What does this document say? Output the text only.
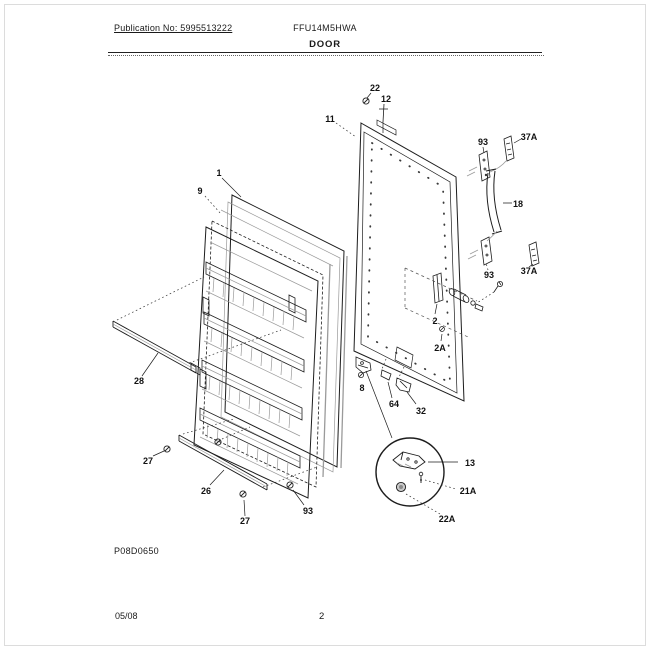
Publication No: 5995513222	FFU14M5HWA
DOOR
22
12
11
93	37A
18
93	37A
1
9
28
27
26
27
93
2
2A
8
64
32
13
21A
22A
P08D0650
05/08	2
